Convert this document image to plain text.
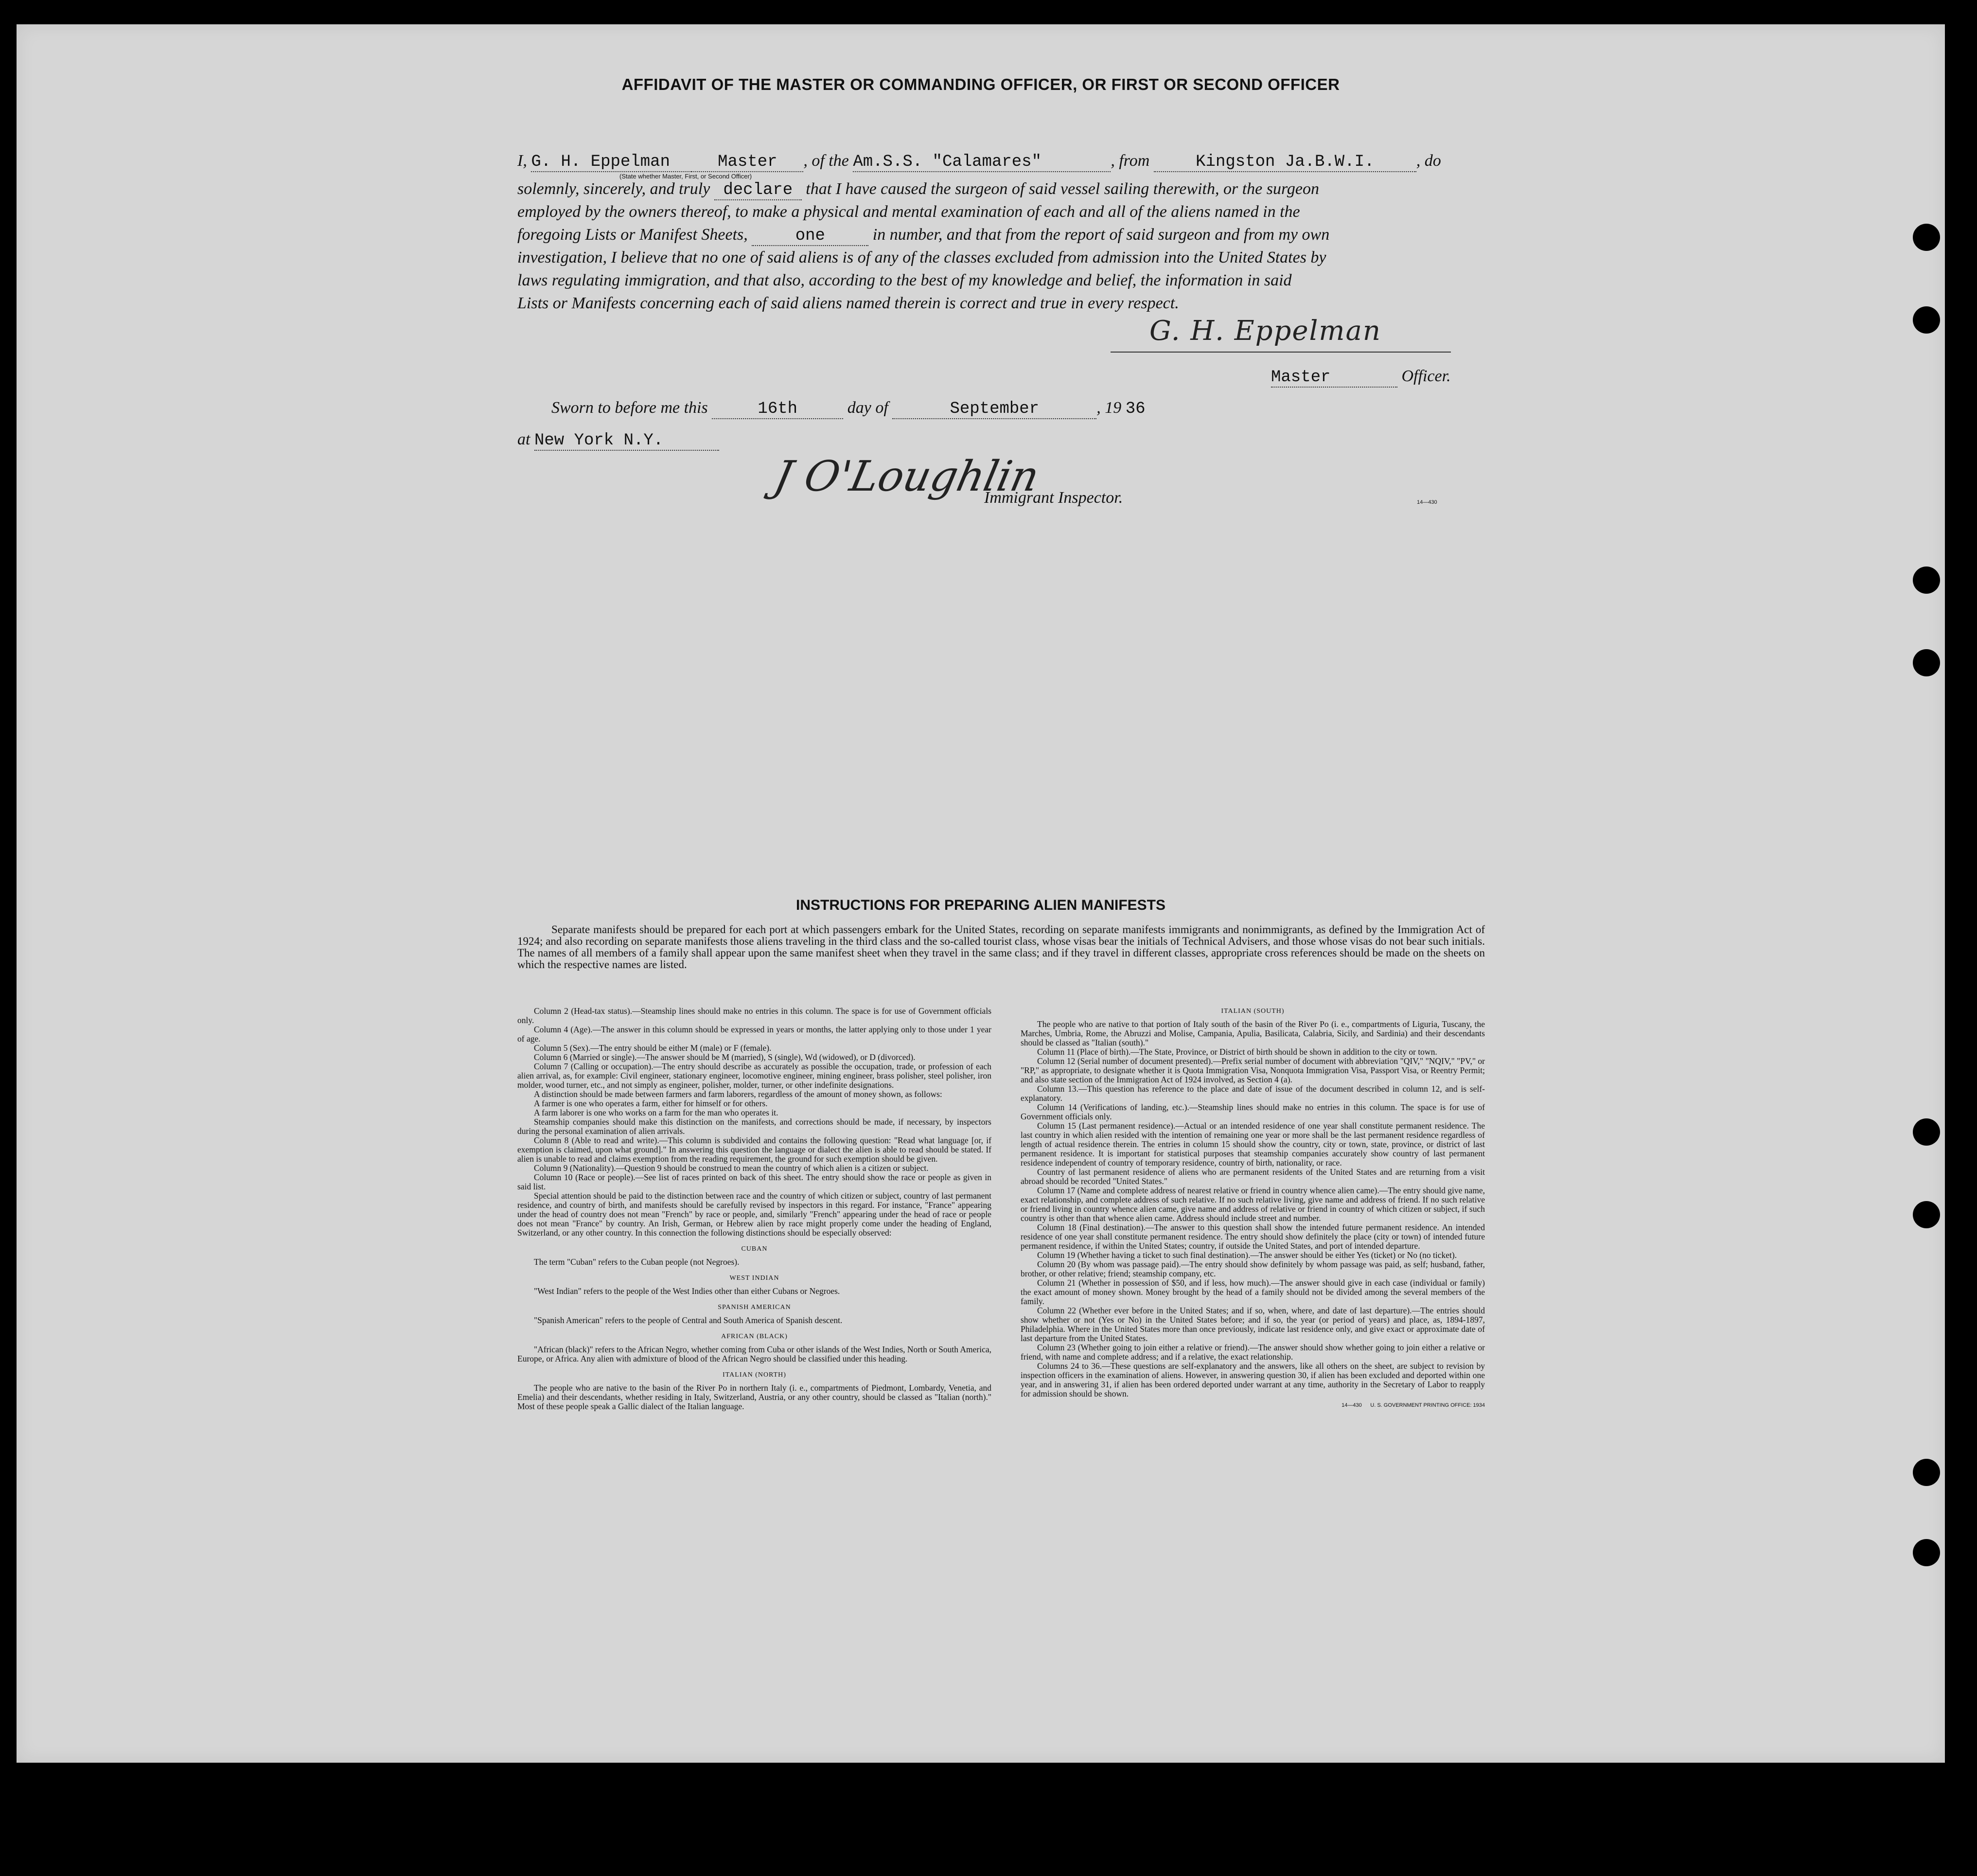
AFFIDAVIT OF THE MASTER OR COMMANDING OFFICER, OR FIRST OR SECOND OFFICER
I, G. H. Eppelman	Master , of the Am.S.S. "Calamares"	, from	Kingston Ja.B.W.I.	, do
(State whether Master, First, or Second Officer)
solemnly, sincerely, and truly declare that I have caused the surgeon of said vessel sailing therewith, or the surgeon
employed by the owners thereof, to make a physical and mental examination of each and all of the aliens named in the
foregoing Lists or Manifest Sheets,	one	in number, and that from the report of said surgeon and from my own
investigation, I believe that no one of said aliens is of any of the classes excluded from admission into the United States by
laws regulating immigration, and that also, according to the best of my knowledge and belief, the information in said
Lists or Manifests concerning each of said aliens named therein is correct and true in every respect.
G. H. Eppelman
Master	Officer.
Sworn to before me this	16th	day of	September	, 19 36
at New York N.Y.
J O'Loughlin
Immigrant Inspector.	14—430
INSTRUCTIONS FOR PREPARING ALIEN MANIFESTS
Separate manifests should be prepared for each port at which passengers embark for the United States, recording on separate manifests immigrants and nonimmigrants, as defined by the Immigration Act of 1924; and also recording on separate manifests those aliens traveling in the third class and the so-called tourist class, whose visas bear the initials of Technical Advisers, and those whose visas do not bear such initials. The names of all members of a family shall appear upon the same manifest sheet when they travel in the same class; and if they travel in different classes, appropriate cross references should be made on the sheets on which the respective names are listed.

Column 2 (Head-tax status).—Steamship lines should make no entries in this column. The space is for use of Government officials only.

Column 4 (Age).—The answer in this column should be expressed in years or months, the latter applying only to those under 1 year of age.

Column 5 (Sex).—The entry should be either M (male) or F (female).

Column 6 (Married or single).—The answer should be M (married), S (single), Wd (widowed), or D (divorced).

Column 7 (Calling or occupation).—The entry should describe as accurately as possible the occupation, trade, or profession of each alien arrival, as, for example: Civil engineer, stationary engineer, locomotive engineer, mining engineer, brass polisher, steel polisher, iron molder, wood turner, etc., and not simply as engineer, polisher, molder, turner, or other indefinite designations.

A distinction should be made between farmers and farm laborers, regardless of the amount of money shown, as follows:

A farmer is one who operates a farm, either for himself or for others.

A farm laborer is one who works on a farm for the man who operates it.

Steamship companies should make this distinction on the manifests, and corrections should be made, if necessary, by inspectors during the personal examination of alien arrivals.

Column 8 (Able to read and write).—This column is subdivided and contains the following question: "Read what language [or, if exemption is claimed, upon what ground]." In answering this question the language or dialect the alien is able to read should be stated. If alien is unable to read and claims exemption from the reading requirement, the ground for such exemption should be given.

Column 9 (Nationality).—Question 9 should be construed to mean the country of which alien is a citizen or subject.

Column 10 (Race or people).—See list of races printed on back of this sheet. The entry should show the race or people as given in said list.

Special attention should be paid to the distinction between race and the country of which citizen or subject, country of last permanent residence, and country of birth, and manifests should be carefully revised by inspectors in this regard. For instance, "France" appearing under the head of country does not mean "French" by race or people, and, similarly "French" appearing under the head of race or people does not mean "France" by country. An Irish, German, or Hebrew alien by race might properly come under the heading of England, Switzerland, or any other country. In this connection the following distinctions should be especially observed:

CUBAN

The term "Cuban" refers to the Cuban people (not Negroes).

WEST INDIAN

"West Indian" refers to the people of the West Indies other than either Cubans or Negroes.

SPANISH AMERICAN

"Spanish American" refers to the people of Central and South America of Spanish descent.

AFRICAN (BLACK)

"African (black)" refers to the African Negro, whether coming from Cuba or other islands of the West Indies, North or South America, Europe, or Africa. Any alien with admixture of blood of the African Negro should be classified under this heading.

ITALIAN (NORTH)

The people who are native to the basin of the River Po in northern Italy (i. e., compartments of Piedmont, Lombardy, Venetia, and Emelia) and their descendants, whether residing in Italy, Switzerland, Austria, or any other country, should be classed as "Italian (north)." Most of these people speak a Gallic dialect of the Italian language.

ITALIAN (SOUTH)

The people who are native to that portion of Italy south of the basin of the River Po (i. e., compartments of Liguria, Tuscany, the Marches, Umbria, Rome, the Abruzzi and Molise, Campania, Apulia, Basilicata, Calabria, Sicily, and Sardinia) and their descendants should be classed as "Italian (south)."

Column 11 (Place of birth).—The State, Province, or District of birth should be shown in addition to the city or town.

Column 12 (Serial number of document presented).—Prefix serial number of document with abbreviation "QIV," "NQIV," "PV," or "RP," as appropriate, to designate whether it is Quota Immigration Visa, Nonquota Immigration Visa, Passport Visa, or Reentry Permit; and also state section of the Immigration Act of 1924 involved, as Section 4 (a).

Column 13.—This question has reference to the place and date of issue of the document described in column 12, and is self-explanatory.

Column 14 (Verifications of landing, etc.).—Steamship lines should make no entries in this column. The space is for use of Government officials only.

Column 15 (Last permanent residence).—Actual or an intended residence of one year shall constitute permanent residence. The last country in which alien resided with the intention of remaining one year or more shall be the last permanent residence regardless of length of actual residence therein. The entries in column 15 should show the country, city or town, state, province, or district of last permanent residence. It is important for statistical purposes that steamship companies accurately show country of last permanent residence independent of country of temporary residence, country of birth, nationality, or race.

Country of last permanent residence of aliens who are permanent residents of the United States and are returning from a visit abroad should be recorded "United States."

Column 17 (Name and complete address of nearest relative or friend in country whence alien came).—The entry should give name, exact relationship, and complete address of such relative. If no such relative living, give name and address of friend. If no such relative or friend living in country whence alien came, give name and address of relative or friend in country of which citizen or subject, if such country is other than that whence alien came. Address should include street and number.

Column 18 (Final destination).—The answer to this question shall show the intended future permanent residence. An intended residence of one year shall constitute permanent residence. The entry should show definitely the place (city or town) of intended future permanent residence, if within the United States; country, if outside the United States, and port of intended departure.

Column 19 (Whether having a ticket to such final destination).—The answer should be either Yes (ticket) or No (no ticket).

Column 20 (By whom was passage paid).—The entry should show definitely by whom passage was paid, as self; husband, father, brother, or other relative; friend; steamship company, etc.

Column 21 (Whether in possession of $50, and if less, how much).—The answer should give in each case (individual or family) the exact amount of money shown. Money brought by the head of a family should not be divided among the several members of the family.

Column 22 (Whether ever before in the United States; and if so, when, where, and date of last departure).—The entries should show whether or not (Yes or No) in the United States before; and if so, the year (or period of years) and place, as, 1894-1897, Philadelphia. Where in the United States more than once previously, indicate last residence only, and give exact or approximate date of last departure from the United States.

Column 23 (Whether going to join either a relative or friend).—The answer should show whether going to join either a relative or friend, with name and complete address; and if a relative, the exact relationship.

Columns 24 to 36.—These questions are self-explanatory and the answers, like all others on the sheet, are subject to revision by inspection officers in the examination of aliens. However, in answering question 30, if alien has been excluded and deported within one year, and in answering 31, if alien has been ordered deported under warrant at any time, authority in the Secretary of Labor to reapply for admission should be shown.

14—430 U. S. GOVERNMENT PRINTING OFFICE: 1934
